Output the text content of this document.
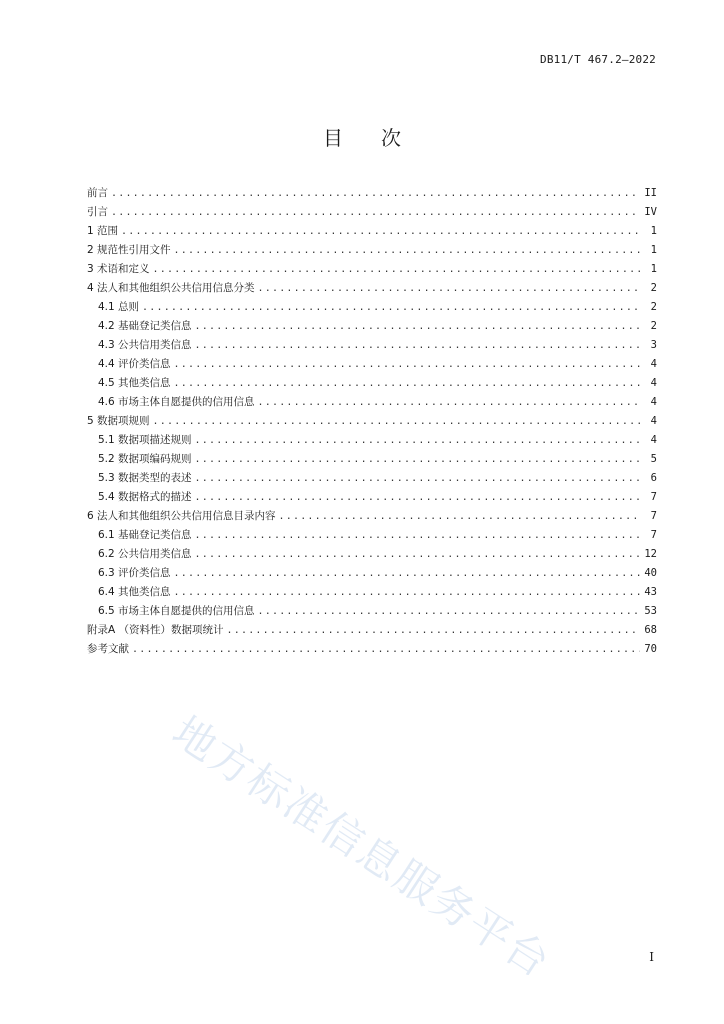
DB11/T 467.2—2022
目 次
前言 .....	II
引言 .....	IV
1 范围 .....	1
2 规范性引用文件 .....	1
3 术语和定义 .....	1
4 法人和其他组织公共信用信息分类 .....	2
4.1 总则 .....	2
4.2 基础登记类信息 .....	2
4.3 公共信用类信息 .....	3
4.4 评价类信息 .....	4
4.5 其他类信息 .....	4
4.6 市场主体自愿提供的信用信息 .....	4
5 数据项规则 .....	4
5.1 数据项描述规则 .....	4
5.2 数据项编码规则 .....	5
5.3 数据类型的表述 .....	6
5.4 数据格式的描述 .....	7
6 法人和其他组织公共信用信息目录内容 .....	7
6.1 基础登记类信息 .....	7
6.2 公共信用类信息 .....	12
6.3 评价类信息 .....	40
6.4 其他类信息 .....	43
6.5 市场主体自愿提供的信用信息 .....	53
附录A （资料性）数据项统计 .....	68
参考文献 .....	70
地方标准信息服务平台	I
